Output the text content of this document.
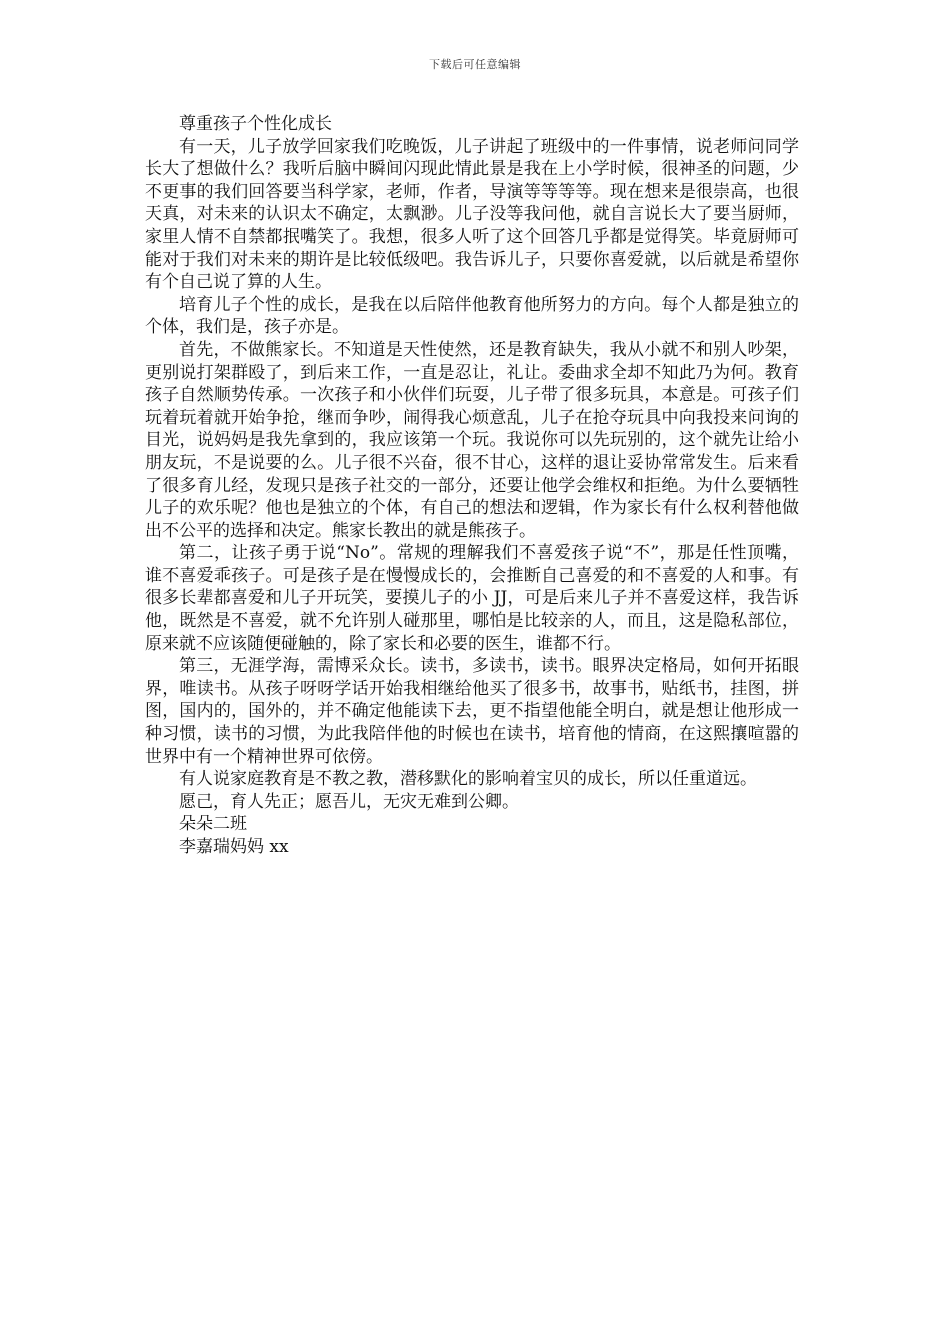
下载后可任意编辑

尊重孩子个性化成长

有一天，儿子放学回家我们吃晚饭，儿子讲起了班级中的一件事情，说老师问同学长大了想做什么？我听后脑中瞬间闪现此情此景是我在上小学时候，很神圣的问题，少不更事的我们回答要当科学家，老师，作者，导演等等等等。现在想来是很崇高，也很天真，对未来的认识太不确定，太飘渺。儿子没等我问他，就自言说长大了要当厨师，家里人情不自禁都抿嘴笑了。我想，很多人听了这个回答几乎都是觉得笑。毕竟厨师可能对于我们对未来的期许是比较低级吧。我告诉儿子，只要你喜爱就，以后就是希望你有个自己说了算的人生。

培育儿子个性的成长，是我在以后陪伴他教育他所努力的方向。每个人都是独立的个体，我们是，孩子亦是。

首先，不做熊家长。不知道是天性使然，还是教育缺失，我从小就不和别人吵架，更别说打架群殴了，到后来工作，一直是忍让，礼让。委曲求全却不知此乃为何。教育孩子自然顺势传承。一次孩子和小伙伴们玩耍，儿子带了很多玩具，本意是。可孩子们玩着玩着就开始争抢，继而争吵，闹得我心烦意乱，儿子在抢夺玩具中向我投来问询的目光，说妈妈是我先拿到的，我应该第一个玩。我说你可以先玩别的，这个就先让给小朋友玩，不是说要的么。儿子很不兴奋，很不甘心，这样的退让妥协常常发生。后来看了很多育儿经，发现只是孩子社交的一部分，还要让他学会维权和拒绝。为什么要牺牲儿子的欢乐呢？他也是独立的个体，有自己的想法和逻辑，作为家长有什么权利替他做出不公平的选择和决定。熊家长教出的就是熊孩子。

第二，让孩子勇于说“No”。常规的理解我们不喜爱孩子说“不”，那是任性顶嘴，谁不喜爱乖孩子。可是孩子是在慢慢成长的，会推断自己喜爱的和不喜爱的人和事。有很多长辈都喜爱和儿子开玩笑，要摸儿子的小 JJ，可是后来儿子并不喜爱这样，我告诉他，既然是不喜爱，就不允许别人碰那里，哪怕是比较亲的人，而且，这是隐私部位，原来就不应该随便碰触的，除了家长和必要的医生，谁都不行。

第三，无涯学海，需博采众长。读书，多读书，读书。眼界决定格局，如何开拓眼界，唯读书。从孩子呀呀学话开始我相继给他买了很多书，故事书，贴纸书，挂图，拼图，国内的，国外的，并不确定他能读下去，更不指望他能全明白，就是想让他形成一种习惯，读书的习惯，为此我陪伴他的时候也在读书，培育他的情商，在这熙攘喧嚣的世界中有一个精神世界可依傍。

有人说家庭教育是不教之教，潜移默化的影响着宝贝的成长，所以任重道远。

愿己，育人先正；愿吾儿，无灾无难到公卿。

朵朵二班

李嘉瑞妈妈 xx
